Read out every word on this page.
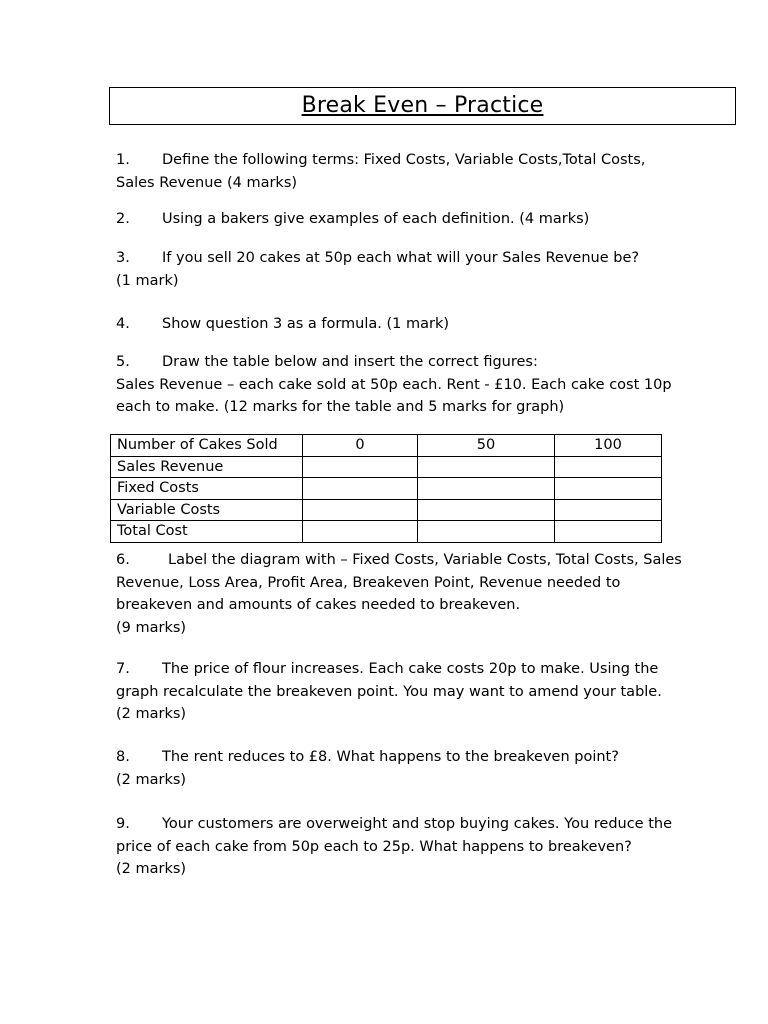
Break Even – Practice
1. Define the following terms: Fixed Costs, Variable Costs,Total Costs,
Sales Revenue (4 marks)
2. Using a bakers give examples of each definition. (4 marks)
3. If you sell 20 cakes at 50p each what will your Sales Revenue be?
(1 mark)
4. Show question 3 as a formula. (1 mark)
5. Draw the table below and insert the correct figures:
Sales Revenue – each cake sold at 50p each. Rent - £10. Each cake cost 10p
each to make. (12 marks for the table and 5 marks for graph)
Number of Cakes Sold	0	50	100
Sales Revenue			
Fixed Costs			
Variable Costs			
Total Cost			
6.	Label the diagram with – Fixed Costs, Variable Costs, Total Costs, Sales
Revenue, Loss Area, Profit Area, Breakeven Point, Revenue needed to
breakeven and amounts of cakes needed to breakeven.
(9 marks)
7. The price of flour increases. Each cake costs 20p to make. Using the
graph recalculate the breakeven point. You may want to amend your table.
(2 marks)
8. The rent reduces to £8. What happens to the breakeven point?
(2 marks)
9. Your customers are overweight and stop buying cakes. You reduce the
price of each cake from 50p each to 25p. What happens to breakeven?
(2 marks)
